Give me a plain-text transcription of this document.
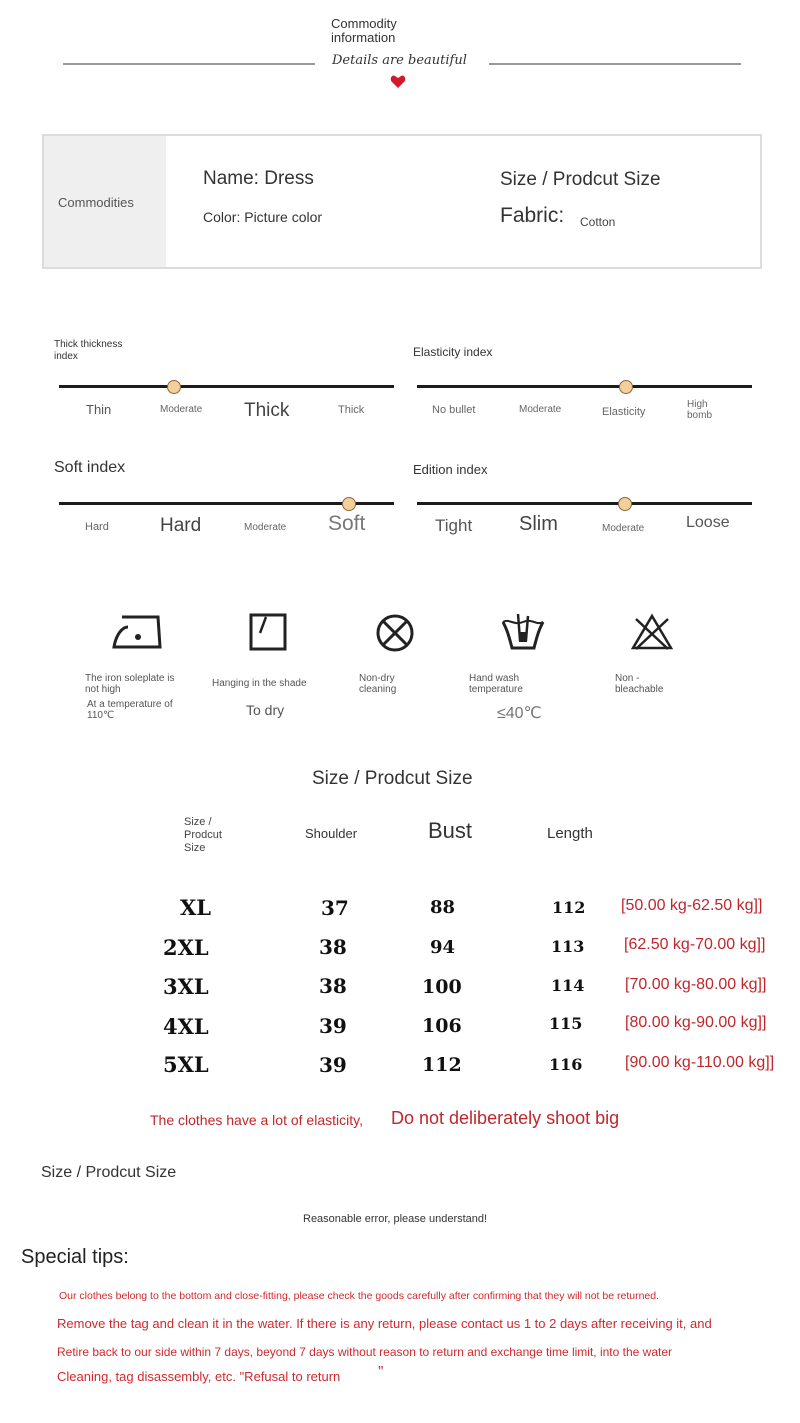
Commodity information
Details are beautiful
Commodities
Name: Dress
Color: Picture color
Size / Prodcut Size
Fabric: Cotton
Thick thickness index
Thin	Moderate Thick	Thick
Elasticity index
No bullet	Moderate	Elasticity
High bomb
Soft index
Hard	Hard	Moderate Soft
Edition index
Tight Slim	Moderate	Loose
The iron soleplate is not high
At a temperature of 110℃
Hanging in the shade
To dry
Non-dry cleaning
Hand wash temperature
≤40℃
Non -bleachable
Size / Prodcut Size
Size / Prodcut Size
Shoulder	Bust	Length
XL	37	88	112 [50.00 kg-62.50 kg]]
2XL	38	94	113 [62.50 kg-70.00 kg]]
3XL	38	100	114	[70.00 kg-80.00 kg]]
4XL	39	106	115	[80.00 kg-90.00 kg]]
5XL	39	112	116	[90.00 kg-110.00 kg]]
The clothes have a lot of elasticity, Do not deliberately shoot big
Size / Prodcut Size
Reasonable error, please understand!
Special tips:
Our clothes belong to the bottom and close-fitting, please check the goods carefully after confirming that they will not be returned.
Remove the tag and clean it in the water. If there is any return, please contact us 1 to 2 days after receiving it, and
Retire back to our side within 7 days, beyond 7 days without reason to return and exchange time limit, into the water
Cleaning, tag disassembly, etc. "Refusal to return ”
